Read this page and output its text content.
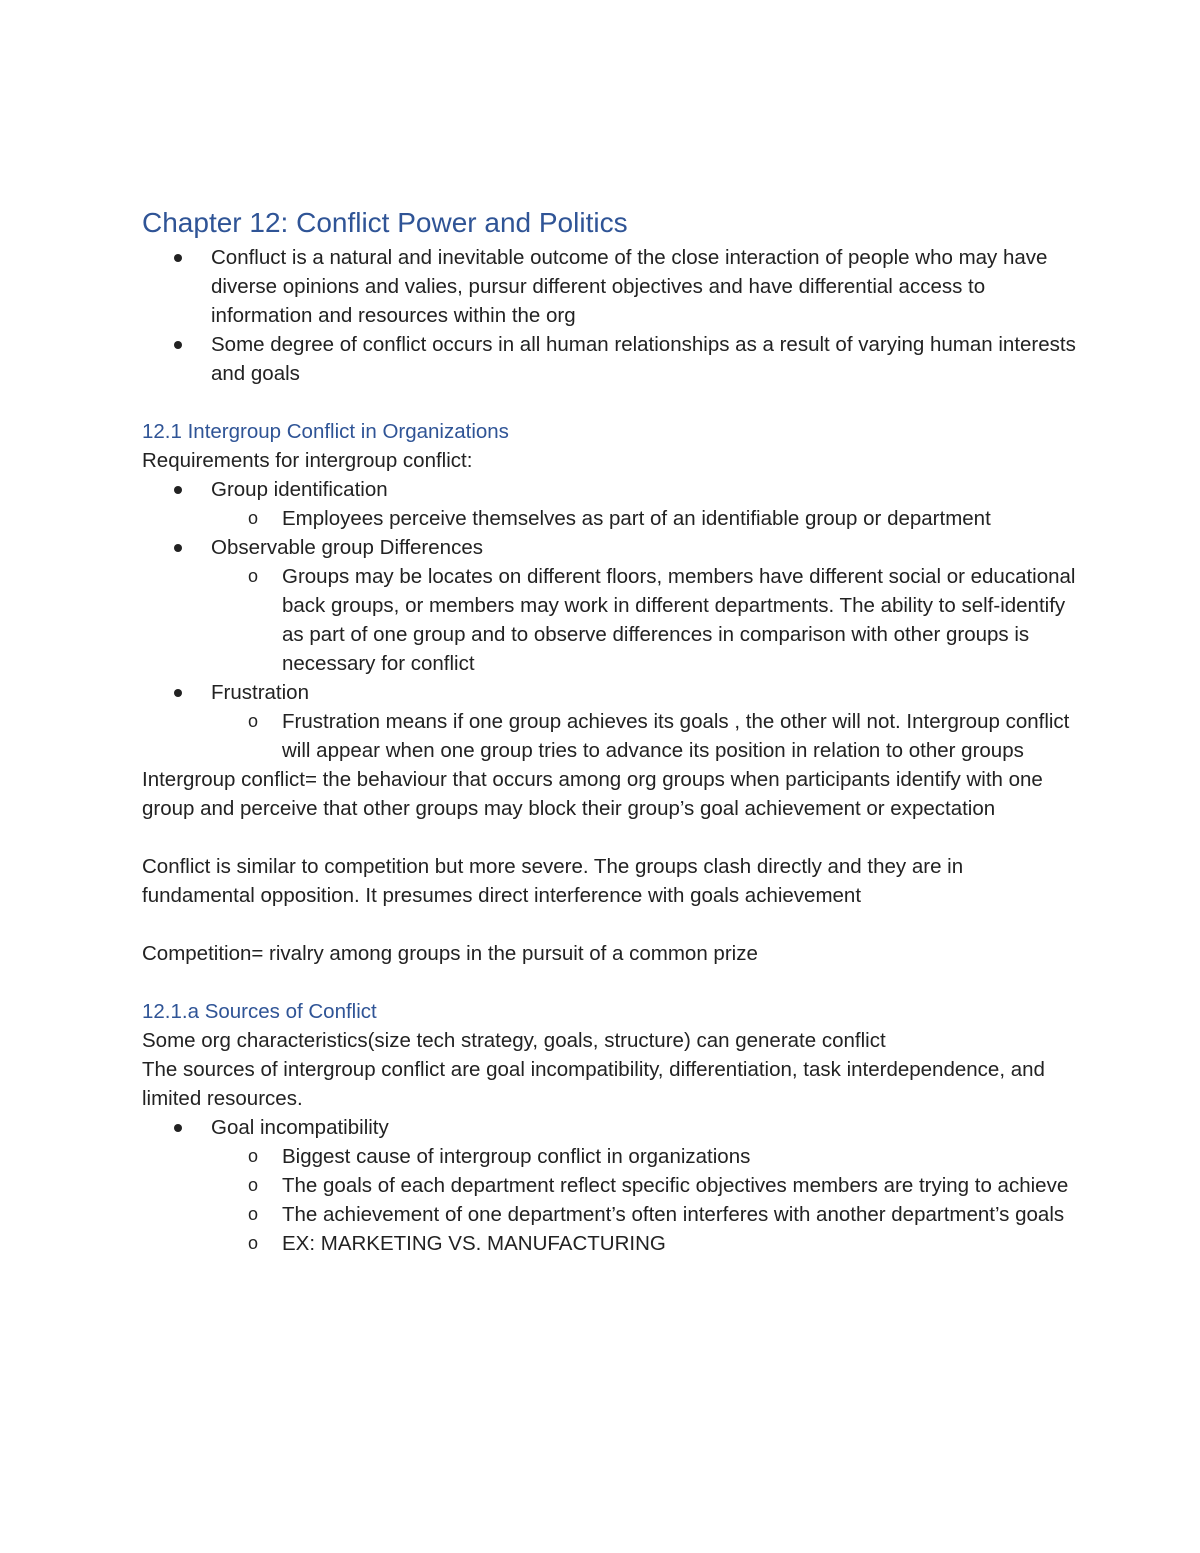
Chapter 12: Conflict Power and Politics
Confluct is a natural and inevitable outcome of the close interaction of people who may have diverse opinions and valies, pursur different objectives and have differential access to information and resources within the org
Some degree of conflict occurs in all human relationships as a result of varying human interests and goals
12.1 Intergroup Conflict in Organizations

Requirements for intergroup conflict:

Group identification
o Employees perceive themselves as part of an identifiable group or department
Observable group Differences
o Groups may be locates on different floors, members have different social or educational back groups, or members may work in different departments. The ability to self-identify as part of one group and to observe differences in comparison with other groups is necessary for conflict
Frustration
o Frustration means if one group achieves its goals , the other will not. Intergroup conflict will appear when one group tries to advance its position in relation to other groups

Intergroup conflict= the behaviour that occurs among org groups when participants identify with one group and perceive that other groups may block their group’s goal achievement or expectation

Conflict is similar to competition but more severe. The groups clash directly and they are in fundamental opposition. It presumes direct interference with goals achievement

Competition= rivalry among groups in the pursuit of a common prize

12.1.a Sources of Conflict

Some org characteristics(size tech strategy, goals, structure) can generate conflict

The sources of intergroup conflict are goal incompatibility, differentiation, task interdependence, and limited resources.

Goal incompatibility
o Biggest cause of intergroup conflict in organizations
o The goals of each department reflect specific objectives members are trying to achieve
o The achievement of one department’s often interferes with another department’s goals
o EX: MARKETING VS. MANUFACTURING
